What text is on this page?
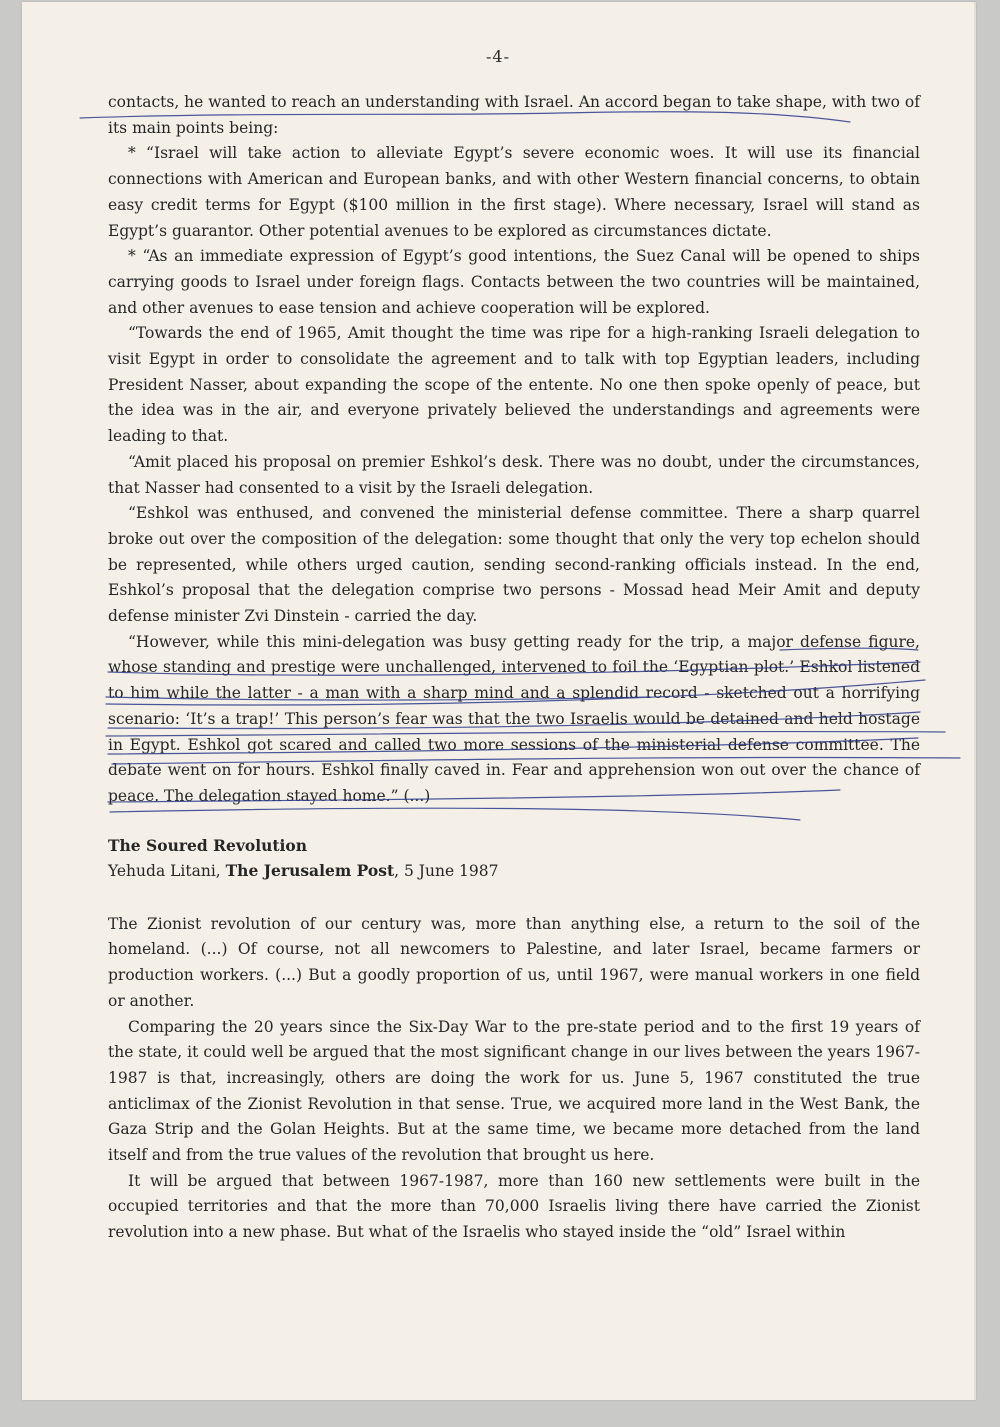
-4-

contacts, he wanted to reach an understanding with Israel. An accord began to take shape, with two of its main points being:

* “Israel will take action to alleviate Egypt’s severe economic woes. It will use its financial connections with American and European banks, and with other Western financial concerns, to obtain easy credit terms for Egypt ($100 million in the first stage). Where necessary, Israel will stand as Egypt’s guarantor. Other potential avenues to be explored as circumstances dictate.

* “As an immediate expression of Egypt’s good intentions, the Suez Canal will be opened to ships carrying goods to Israel under foreign flags. Contacts between the two countries will be maintained, and other avenues to ease tension and achieve cooperation will be explored.

“Towards the end of 1965, Amit thought the time was ripe for a high-ranking Israeli delegation to visit Egypt in order to consolidate the agreement and to talk with top Egyptian leaders, including President Nasser, about expanding the scope of the entente. No one then spoke openly of peace, but the idea was in the air, and everyone privately believed the understandings and agreements were leading to that.

“Amit placed his proposal on premier Eshkol’s desk. There was no doubt, under the circumstances, that Nasser had consented to a visit by the Israeli delegation.

“Eshkol was enthused, and convened the ministerial defense committee. There a sharp quarrel broke out over the composition of the delegation: some thought that only the very top echelon should be represented, while others urged caution, sending second-ranking officials instead. In the end, Eshkol’s proposal that the delegation comprise two persons - Mossad head Meir Amit and deputy defense minister Zvi Dinstein - carried the day.

“However, while this mini-delegation was busy getting ready for the trip, a major defense figure, whose standing and prestige were unchallenged, intervened to foil the ‘Egyptian plot.’ Eshkol listened to him while the latter - a man with a sharp mind and a splendid record - sketched out a horrifying scenario: ‘It’s a trap!’ This person’s fear was that the two Israelis would be detained and held hostage in Egypt. Eshkol got scared and called two more sessions of the ministerial defense committee. The debate went on for hours. Eshkol finally caved in. Fear and apprehension won out over the chance of peace. The delegation stayed home.” (...)

The Soured Revolution

Yehuda Litani, The Jerusalem Post, 5 June 1987

The Zionist revolution of our century was, more than anything else, a return to the soil of the homeland. (...) Of course, not all newcomers to Palestine, and later Israel, became farmers or production workers. (...) But a goodly proportion of us, until 1967, were manual workers in one field or another.

Comparing the 20 years since the Six-Day War to the pre-state period and to the first 19 years of the state, it could well be argued that the most significant change in our lives between the years 1967-1987 is that, increasingly, others are doing the work for us. June 5, 1967 constituted the true anticlimax of the Zionist Revolution in that sense. True, we acquired more land in the West Bank, the Gaza Strip and the Golan Heights. But at the same time, we became more detached from the land itself and from the true values of the revolution that brought us here.

It will be argued that between 1967-1987, more than 160 new settlements were built in the occupied territories and that the more than 70,000 Israelis living there have carried the Zionist revolution into a new phase. But what of the Israelis who stayed inside the “old” Israel within
